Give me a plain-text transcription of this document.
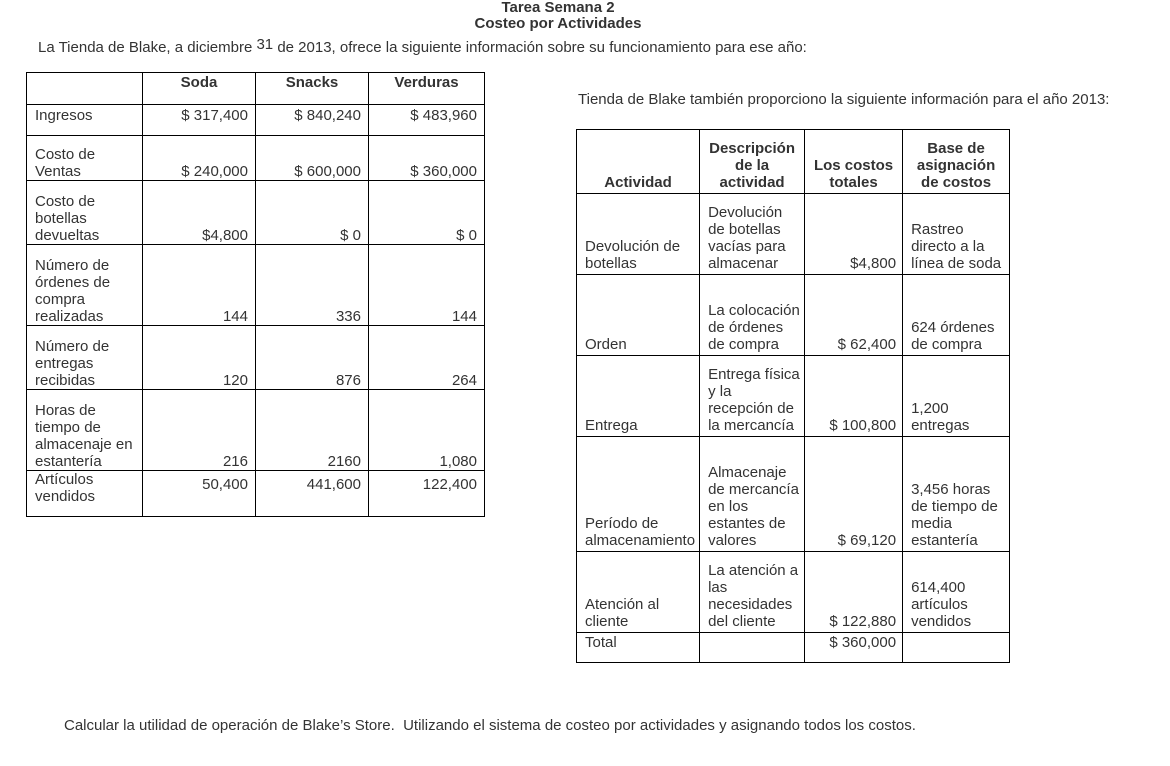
Tarea Semana 2
Costeo por Actividades
La Tienda de Blake, a diciembre $^{31}$ de 2013, ofrece la siguiente información sobre su funcionamiento para ese año:
	Soda	Snacks	Verduras
Ingresos	$ 317,400	$ 840,240	$ 483,960
Costo de Ventas	$ 240,000	$ 600,000	$ 360,000
Costo de botellas devueltas	$4,800	$ 0	$ 0
Número de órdenes de compra realizadas	144	336	144
Número de entregas recibidas	120	876	264
Horas de tiempo de almacenaje en estantería	216	2160	1,080
Artículos vendidos	50,400	441,600	122,400
Tienda de Blake también proporciono la siguiente información para el año 2013:
Actividad	Descripción de la actividad	Los costos totales	Base de asignación de costos
Devolución de botellas	Devolución de botellas vacías para almacenar	$4,800	Rastreo directo a la línea de soda
Orden	La colocación de órdenes de compra	$ 62,400	624 órdenes de compra
Entrega	Entrega física y la recepción de la mercancía	$ 100,800	1,200 entregas
Período de almacenamiento	Almacenaje de mercancía en los estantes de valores	$ 69,120	3,456 horas de tiempo de media estantería
Atención al cliente	La atención a las necesidades del cliente	$ 122,880	614,400 artículos vendidos
Total		$ 360,000	
Calcular la utilidad de operación de Blake’s Store.  Utilizando el sistema de costeo por actividades y asignando todos los costos.
